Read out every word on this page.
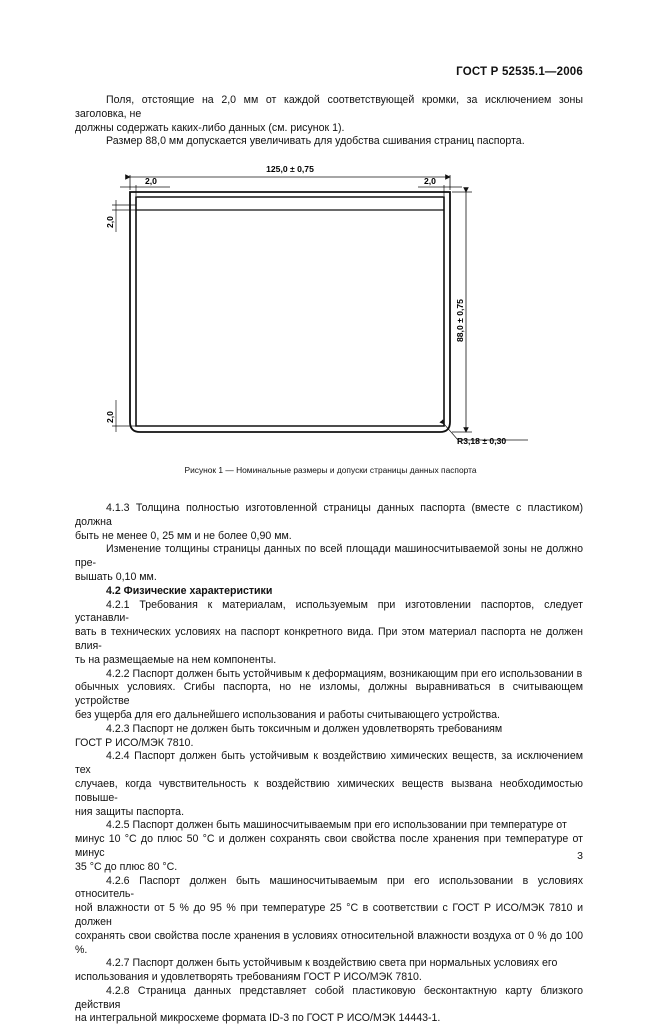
ГОСТ Р 52535.1—2006

Поля, отстоящие на 2,0 мм от каждой соответствующей кромки, за исключением зоны заголовка, не

должны содержать каких-либо данных (см. рисунок 1).

Размер 88,0 мм допускается увеличивать для удобства сшивания страниц паспорта.

125,0 ± 0,75
2,0	2,0
2,0
2,0
88,0 ± 0,75
R3,18 ± 0,30
Рисунок 1 — Номинальные размеры и допуски страницы данных паспорта

4.1.3 Толщина полностью изготовленной страницы данных паспорта (вместе с пластиком) должна

быть не менее 0, 25 мм и не более 0,90 мм.

Изменение толщины страницы данных по всей площади машиносчитываемой зоны не должно пре-

вышать 0,10 мм.

4.2 Физические характеристики

4.2.1 Требования к материалам, используемым при изготовлении паспортов, следует устанавли-

вать в технических условиях на паспорт конкретного вида. При этом материал паспорта не должен влия-

ть на размещаемые на нем компоненты.

4.2.2 Паспорт должен быть устойчивым к деформациям, возникающим при его использовании в

обычных условиях. Сгибы паспорта, но не изломы, должны выравниваться в считывающем устройстве

без ущерба для его дальнейшего использования и работы считывающего устройства.

4.2.3 Паспорт не должен быть токсичным и должен удовлетворять требованиям

ГОСТ Р ИСО/МЭК 7810.

4.2.4 Паспорт должен быть устойчивым к воздействию химических веществ, за исключением тех

случаев, когда чувствительность к воздействию химических веществ вызвана необходимостью повыше-

ния защиты паспорта.

4.2.5 Паспорт должен быть машиносчитываемым при его использовании при температуре от

минус 10 °С до плюс 50 °С и должен сохранять свои свойства после хранения при температуре от минус

35 °С до плюс 80 °С.

4.2.6 Паспорт должен быть машиносчитываемым при его использовании в условиях относитель-

ной влажности от 5 % до 95 % при температуре 25 °С в соответствии с ГОСТ Р ИСО/МЭК 7810 и должен

сохранять свои свойства после хранения в условиях относительной влажности воздуха от 0 % до 100 %.

4.2.7 Паспорт должен быть устойчивым к воздействию света при нормальных условиях его

использования и удовлетворять требованиям ГОСТ Р ИСО/МЭК 7810.

4.2.8 Страница данных представляет собой пластиковую бесконтактную карту близкого действия

на интегральной микросхеме формата ID-3 по ГОСТ Р ИСО/МЭК 14443-1.

3
